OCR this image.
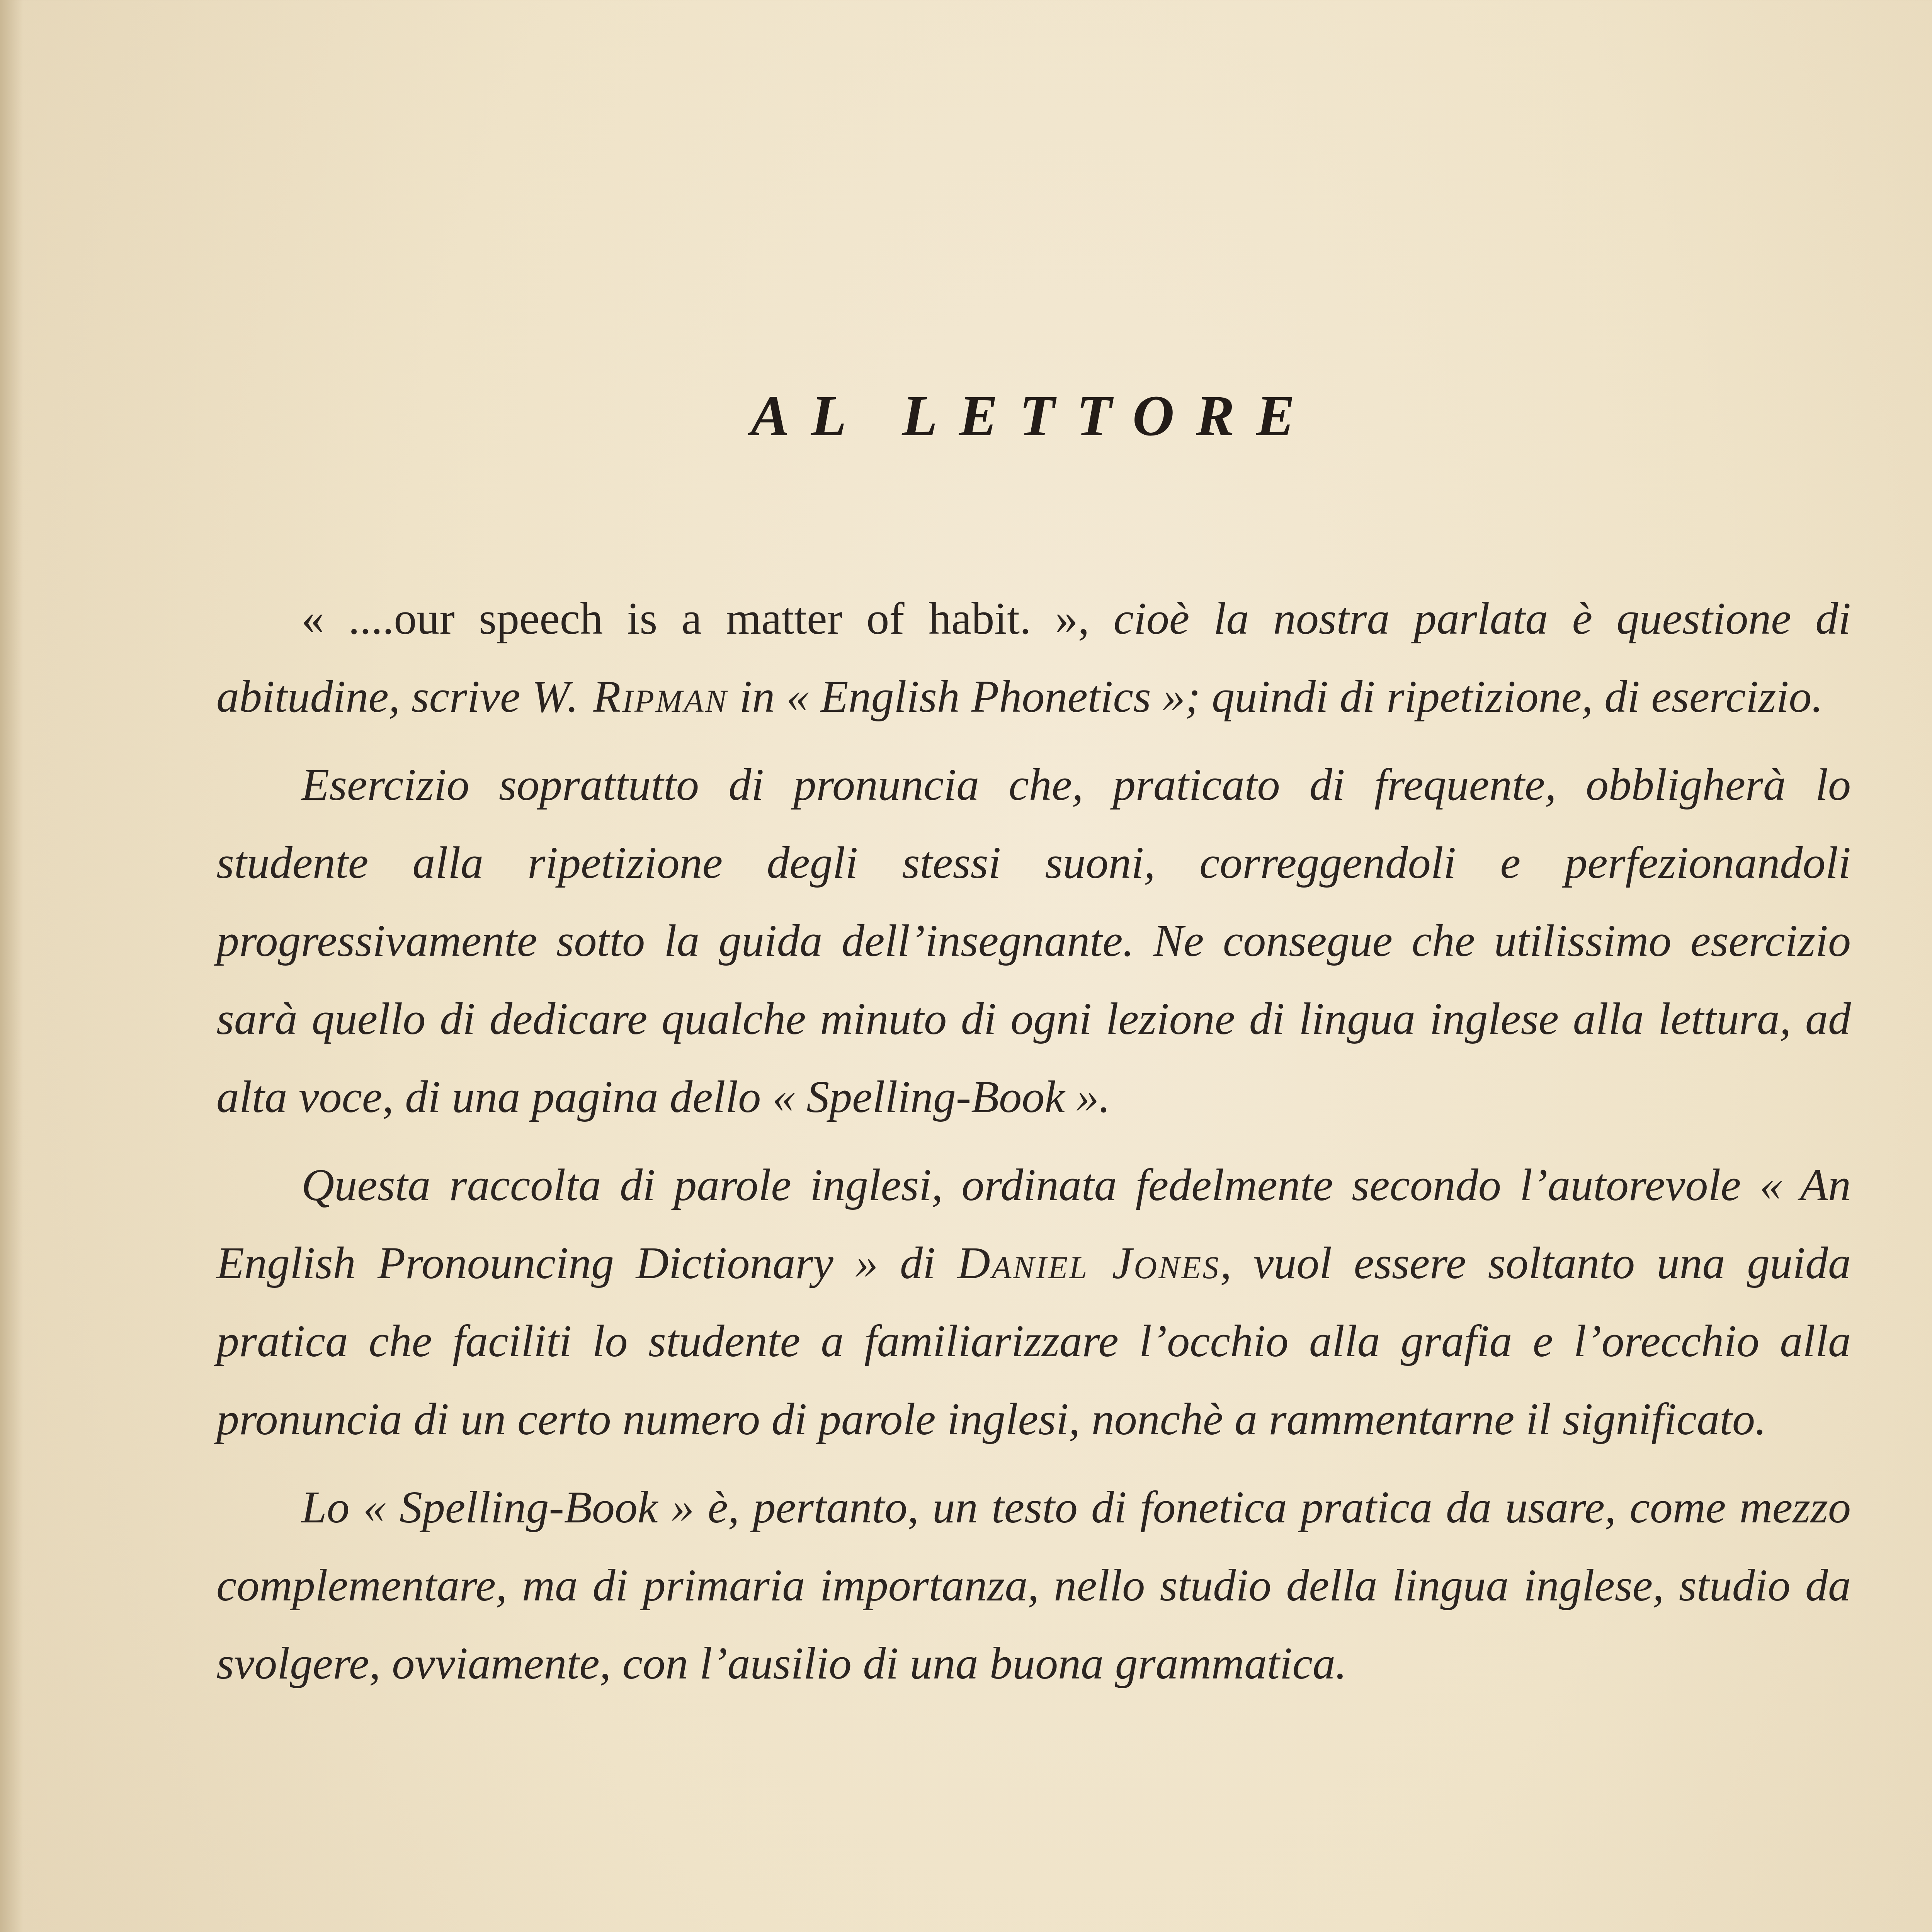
AL LETTORE

« ....our speech is a matter of habit. », cioè la nostra parlata è questione di abitudine, scrive W. Ripman in « English Phonetics »; quindi di ripetizione, di esercizio.

Esercizio soprattutto di pronuncia che, praticato di frequente, obbligherà lo studente alla ripetizione degli stessi suoni, correggendoli e perfezionandoli progressivamente sotto la guida dell’insegnante. Ne consegue che utilissimo esercizio sarà quello di dedicare qualche minuto di ogni lezione di lingua inglese alla lettura, ad alta voce, di una pagina dello « Spelling-Book ».

Questa raccolta di parole inglesi, ordinata fedelmente secondo l’autorevole « An English Pronouncing Dictionary » di Daniel Jones, vuol essere soltanto una guida pratica che faciliti lo studente a familiarizzare l’occhio alla grafia e l’orecchio alla pronuncia di un certo numero di parole inglesi, nonchè a rammentarne il significato.

Lo « Spelling-Book » è, pertanto, un testo di fonetica pratica da usare, come mezzo complementare, ma di primaria importanza, nello studio della lingua inglese, studio da svolgere, ovviamente, con l’ausilio di una buona grammatica.
